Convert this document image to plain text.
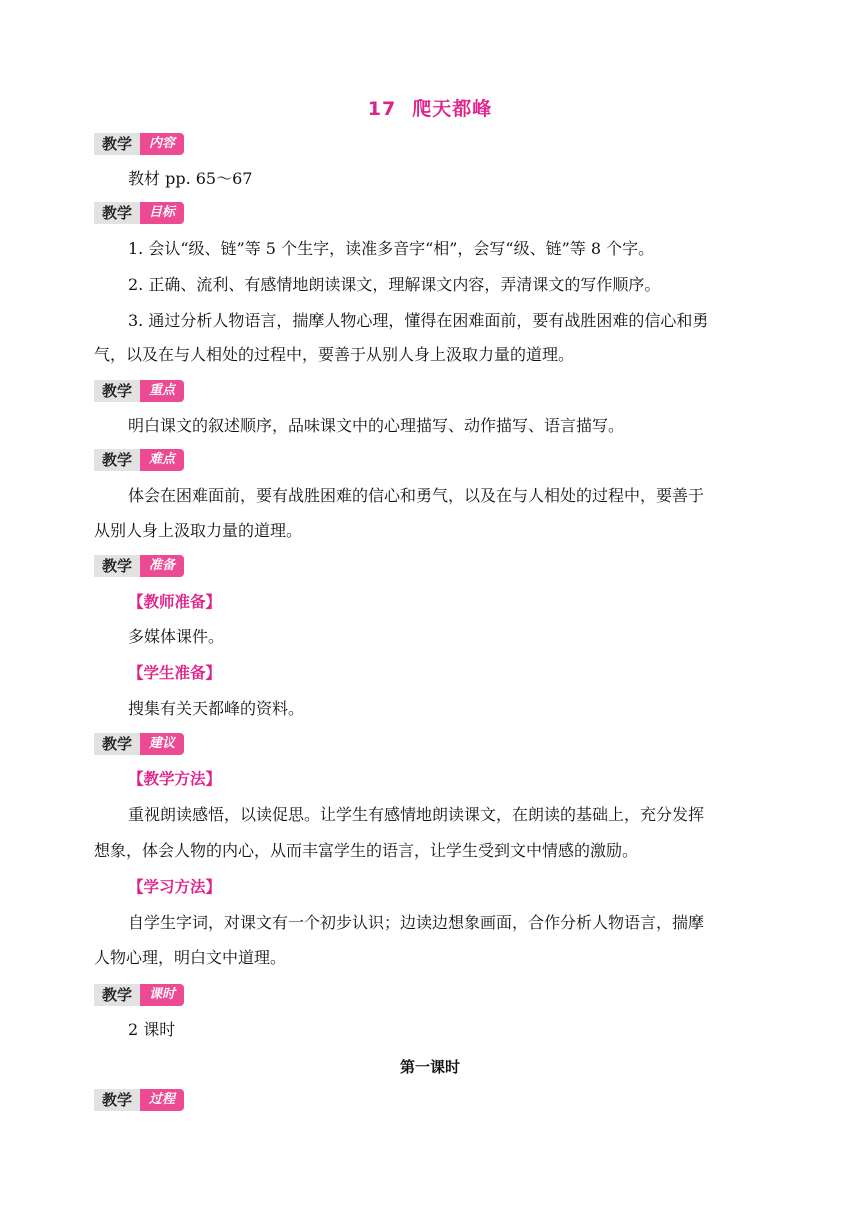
17 爬天都峰
教学	内容
教材 pp. 65～67
教学	目标
1. 会认“级、链”等 5 个生字，读准多音字“相”，会写“级、链”等 8 个字。
2. 正确、流利、有感情地朗读课文，理解课文内容，弄清课文的写作顺序。
3. 通过分析人物语言，揣摩人物心理，懂得在困难面前，要有战胜困难的信心和勇
气，以及在与人相处的过程中，要善于从别人身上汲取力量的道理。
教学	重点
明白课文的叙述顺序，品味课文中的心理描写、动作描写、语言描写。
教学	难点
体会在困难面前，要有战胜困难的信心和勇气，以及在与人相处的过程中，要善于
从别人身上汲取力量的道理。
教学	准备
【教师准备】
多媒体课件。
【学生准备】
搜集有关天都峰的资料。
教学	建议
【教学方法】
重视朗读感悟，以读促思。让学生有感情地朗读课文，在朗读的基础上，充分发挥
想象，体会人物的内心，从而丰富学生的语言，让学生受到文中情感的激励。
【学习方法】
自学生字词，对课文有一个初步认识；边读边想象画面，合作分析人物语言，揣摩
人物心理，明白文中道理。
教学	课时
2 课时
第一课时
教学	过程
